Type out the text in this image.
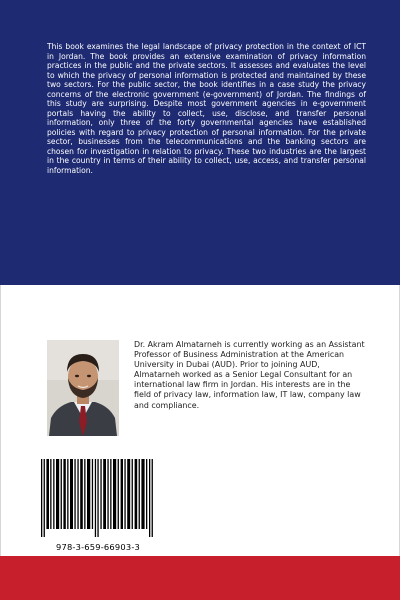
This book examines the legal landscape of privacy protection in the context of ICT in Jordan. The book provides an extensive examination of privacy information practices in the public and the private sectors. It assesses and evaluates the level to which the privacy of personal information is protected and maintained by these two sectors. For the public sector, the book identifies in a case study the privacy concerns of the electronic government (e-government) of Jordan. The findings of this study are surprising. Despite most government agencies in e-government portals having the ability to collect, use, disclose, and transfer personal information, only three of the forty governmental agencies have established policies with regard to privacy protection of personal information. For the private sector, businesses from the telecommunications and the banking sectors are chosen for investigation in relation to privacy. These two industries are the largest in the country in terms of their ability to collect, use, access, and transfer personal information.

Dr. Akram Almatarneh is currently working as an Assistant Professor of Business Administration at the American University in Dubai (AUD). Prior to joining AUD, Almatarneh worked as a Senior Legal Consultant for an international law firm in Jordan. His interests are in the field of privacy law, information law, IT law, company law and compliance.

978-3-659-66903-3
